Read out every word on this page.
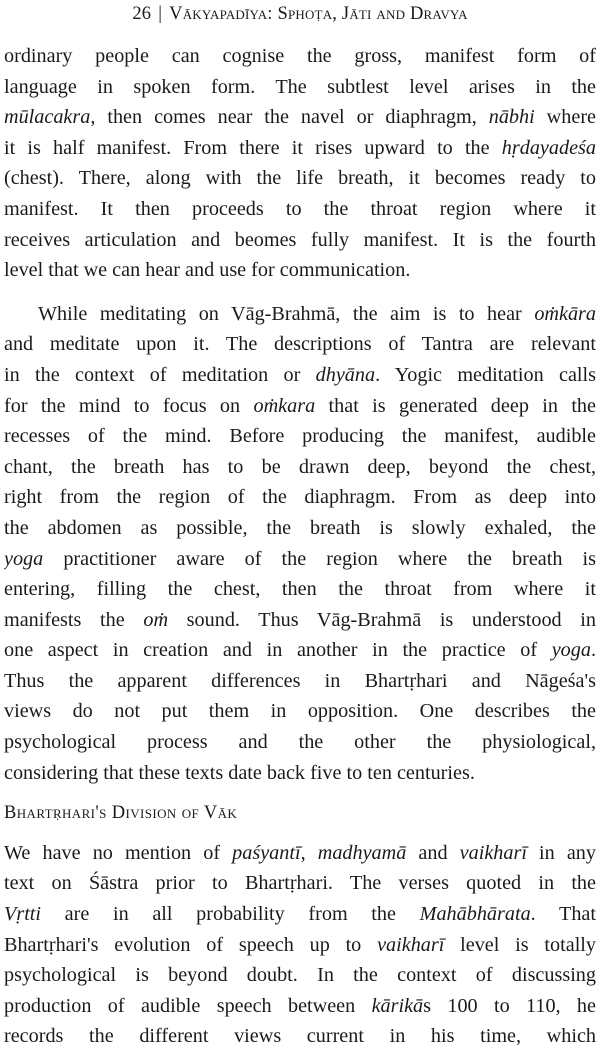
26 | Vākyapadīya: Sphoṭa, Jāti and Dravya

ordinary people can cognise the gross, manifest form of
language in spoken form. The subtlest level arises in the
mūlacakra, then comes near the navel or diaphragm, nābhi where
it is half manifest. From there it rises upward to the hṛdayadeśa
(chest). There, along with the life breath, it becomes ready to
manifest. It then proceeds to the throat region where it
receives articulation and beomes fully manifest. It is the fourth
level that we can hear and use for communication.

While meditating on Vāg-Brahmā, the aim is to hear oṁkāra
and meditate upon it. The descriptions of Tantra are relevant
in the context of meditation or dhyāna. Yogic meditation calls
for the mind to focus on oṁkara that is generated deep in the
recesses of the mind. Before producing the manifest, audible
chant, the breath has to be drawn deep, beyond the chest,
right from the region of the diaphragm. From as deep into
the abdomen as possible, the breath is slowly exhaled, the
yoga practitioner aware of the region where the breath is
entering, filling the chest, then the throat from where it
manifests the oṁ sound. Thus Vāg-Brahmā is understood in
one aspect in creation and in another in the practice of yoga.
Thus the apparent differences in Bhartṛhari and Nāgeśa's
views do not put them in opposition. One describes the
psychological process and the other the physiological,
considering that these texts date back five to ten centuries.

Bhartṛhari's Division of Vāk

We have no mention of paśyantī, madhyamā and vaikharī in any
text on Śāstra prior to Bhartṛhari. The verses quoted in the
Vṛtti are in all probability from the Mahābhārata. That
Bhartṛhari's evolution of speech up to vaikharī level is totally
psychological is beyond doubt. In the context of discussing
production of audible speech between kārikās 100 to 110, he
records the different views current in his time, which
